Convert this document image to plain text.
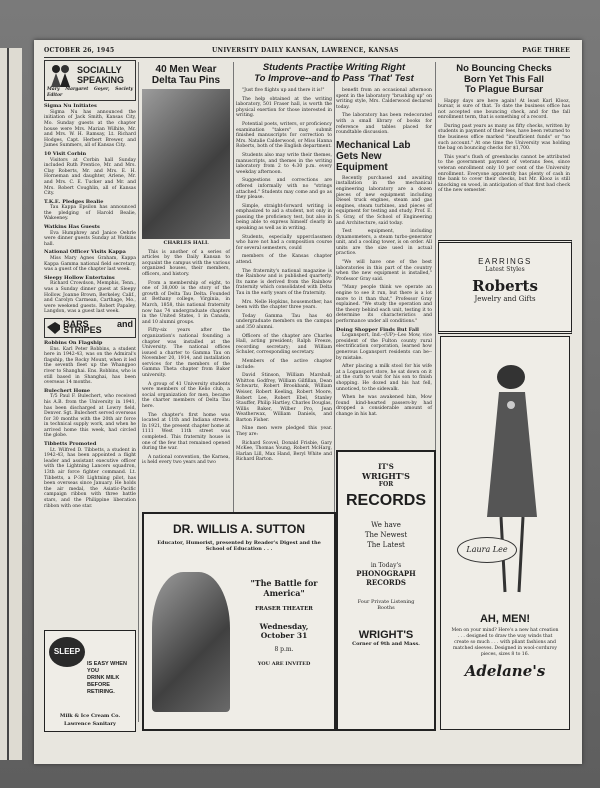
OCTOBER 26, 1945	UNIVERSITY DAILY KANSAN, LAWRENCE, KANSAS	PAGE THREE
SOCIALLY
SPEAKING
Mary Margaret Goyer, Society Editor
Sigma Nu Initiates

Sigma Nu has announced the initiation of Jack Smith, Kansas City, Mo. Sunday guests at the chapter house were Mrs. Marian Wilhite, Mr. and Mrs. W. H. Ramsay, Lt. Richard Hodges, Capt. Herbert Brewer, and James Summers, all of Kansas City.

10 Visit Corbin

Visitors at Corbin hall Sunday included Ruth Prentice, Mr. and Mrs. Clay Roberts, Mr. and Mrs. E. H. Horneman and daughter, Arlene, Mr. and Mrs. C. E. Tucker and Mr. and Mrs. Robert Coughlin, all of Kansas City.

T.K.E. Pledges Bealie

Tau Kappa Epsilon has announced the pledging of Harold Bealie, Wakeeney.

Watkins Has Guests

Eva Humphrey and Janice Oehrle were dinner guests Sunday at Watkins hall.

National Officer Visits Kappa

Miss Mary Agnes Graham, Kappa Kappa Gamma national field secretary, was a guest of the chapter last week.

Sleepy Hollow Entertains

Richard Crowdson, Memphis, Tenn., was a Sunday dinner guest at Sleepy Hollow. Joanne Brown, Berkeley, Calif., and Carolyn Carmean, Carthage, Mo., were weekend guests. Robert Papaley, Langdon, was a guest last week.

BARS and STRIPES
Robbins On Flagship

Ens. Karl Peter Robbins, a student here in 1942-43, was on the Admiral's flagship, the Rocky Mount, when it led the seventh fleet up the Whangpoo river to Shanghai. Ens. Robbins, who is still based in Shanghai, has been overseas 14 months.

Bulechert Home

T/5 Paul F. Bulechert, who received his A.B. from the University in 1941, has been discharged at Lowry field, Denver. Sgt. Bulechert served overseas for 30 months with the 20th air force in technical supply work, and when he arrived home this week, had circled the globe.

Tibbetts Promoted

Lt. Wilfred D. Tibbetts, a student in 1942-43, has been appointed a flight leader and assistant executive officer with the Lightning Lancers squadron, 13th air force fighter command. Lt. Tibbetts, a P-38 Lightning pilot, has been overseas since January. He holds the air medal, the Asiatic-Pacific campaign ribbon with three battle stars, and the Philippine liberation ribbon with one star.

SLEEP
IS EASY WHEN YOU
DRINK MILK BEFORE
RETIRING.
Milk & Ice Cream Co.
Lawrence Sanitary
40 Men Wear
Delta Tau Pins
CHARLES HALL

This is another of a series of articles by the Daily Kansan to acquaint the campus with the various organized houses, their members, officers, and history.

From a membership of eight, to one of 38,000 is the story of the growth of Delta Tau Delta. Founded at Bethany college, Virginia, in March, 1858, this national fraternity now has 74 undergraduate chapters in the United States, 1 in Canada, and 10 alumni groups.

Fifty-six years after the organization's national founding a chapter was installed at the University. The national offices issued a charter to Gamma Tau on November 20, 1914, and installation services for the members of the Gamma Theta chapter from Baker university.

A group of 41 University students were members of the Kelio club, a social organization for men, became the charter members of Delta Tau here.

The chapter's first home was located at 11th and Indiana streets. In 1921, the present chapter home at 1111 West 11th street was completed. This fraternity house is one of the few that remained opened during the war.

A national convention, the Karnea, is held every two years and two

Students Practice Writing Right
To Improve--and to Pass 'That' Test

"Just five flights up and there it is!"

The help obtained at the writing laboratory, 501 Fraser hall, is worth the physical exertion for those interested in writing.

Potential poets, writers, or proficiency examination "takers" may submit finished manuscripts for correction to Mrs. Natalie Calderwood, or Miss Hanna Roberts, both of the English department.

Students also may write their themes, manuscripts, and themes in the writing laboratory from 2 to 4:30 p.m. every weekday afternoon.

Suggestions and corrections are offered informally with no "strings attached." Students may come and go as they please.

Simple, straight-forward writing is emphasized to aid a student, not only in passing the proficiency test, but also in being able to express himself clearly in speaking as well as in writing.

Students, especially upperclassmen who have not had a composition course for several semesters, could

members of the Kansas chapter attend.

The fraternity's national magazine is the Rainbow and is published quarterly. Its name is derived from the Rainbow fraternity which consolidated with Delta Tau in the early years of the fraternity.

Mrs. Nelle Hopkins, housemother, has been with the chapter three years.

Today Gamma Tau has 40 undergraduate members on the campus and 350 alumni.

Officers of the chapter are Charles Hall, acting president; Ralph Freeze, recording secretary; and William Schuler, corresponding secretary.

Members of the active chapter include:

David Stinson, William Marshall, Whitton Godfrey, William Gilfillan, Dean Schwartz, Robert Brookbank, William Weiser, Robert Keeling, Robert Moore, Robert Lee, Robert Ebel, Stanley Stauffer, Philip Hartley, Charles Douglas, Willis Baker, Wilber Pro, Jean Weatherwax, William Daniels, and Barton Fisher.

Nine men were pledged this year. They are:

Richard Scovel, Donald Frisbie, Gary McKee, Thomas Young, Robert McHarg, Harlan Lill, Max Hand, Beryl White and Richard Barton.

benefit from an occasional afternoon spent in the laboratory "brushing up" on writing style, Mrs. Calderwood declared today.

The laboratory has been redecorated with a small library of books for reference and tables placed for roundtable discussion.

Mechanical Lab
Gets New Equipment

Recently purchased and awaiting installation in the mechanical engineering laboratory are a dozen pieces of new equipment including Diesel truck engines, steam and gas engines, steam turbines, and pieces of equipment for testing and study, Prof. E. S. Gray, of the School of Engineering and Architecture, said today.

Test equipment, including dynamometers, a steam turbo-generator unit, and a cooling tower, is on order. All units are the size used in actual practice.

"We will have one of the best laboratories in this part of the country when the new equipment is installed," Professor Gray said.

"Many people think we operate an engine to see it run, but there is a lot more to it than that," Professor Gray explained. "We study the operation and the theory behind each unit, testing it to determine its characteristics and performance under all conditions."

Doing Shopper Finds But Fall

Logansport, Ind.--(UP)--Leo Mow, vice president of the Fulton county rural electrification corporation, learned how generous Logansport residents can be--by mistake.

After placing a milk stool for his wife at a Logansport store, he sat down on it at the curb to wait for his son to finish shopping. He dozed and his hat fell, unnoticed, to the sidewalk.

When he was awakened him, Mow found kind-hearted passers-by had dropped a considerable amount of change in his hat.

DR. WILLIS A. SUTTON
Educator, Humorist, presented by Reader's Digest and the School of Education . . .
"The Battle for
America"
FRASER THEATER
Wednesday,
October 31
8 p.m.
YOU ARE INVITED
IT'S
WRIGHT'S
FOR
RECORDS
We have
The Newest
The Latest
in Today's
PHONOGRAPH
RECORDS
Four Private Listening
Booths
WRIGHT'S
Corner of 9th and Mass.
No Bouncing Checks
Born Yet This Fall
To Plague Bursar

Happy days are here again! At least Karl Klooz, bursar, is sure of that. To date the business office has not accepted one bouncing check, and for the fall enrollment term, that is something of a record.

During past years as many as fifty checks, written by students in payment of their fees, have been returned to the business office marked "insufficient funds" or "no such account." At one time the University was holding the bag on bouncing checks for $1,700.

This year's flush of greenbacks cannot be attributed to the government payment of veterans fees, since veteran enrollment only 10 per cent of the University enrollment. Everyone apparently has plenty of cash in the bank to cover their checks, but Mr. Klooz is still knocking on wood, in anticipation of that first bad check of the new semester.

EARRINGS
Latest Styles
Roberts
Jewelry and Gifts
Laura Lee
AH, MEN!
Men on your mind? Here's a new hat creation . . . designed to draw the way winds that create so much . . . with pliant fashions and matched sleeves. Designed in wool-corduroy pieces, sizes 8 to 16.
Adelane's
